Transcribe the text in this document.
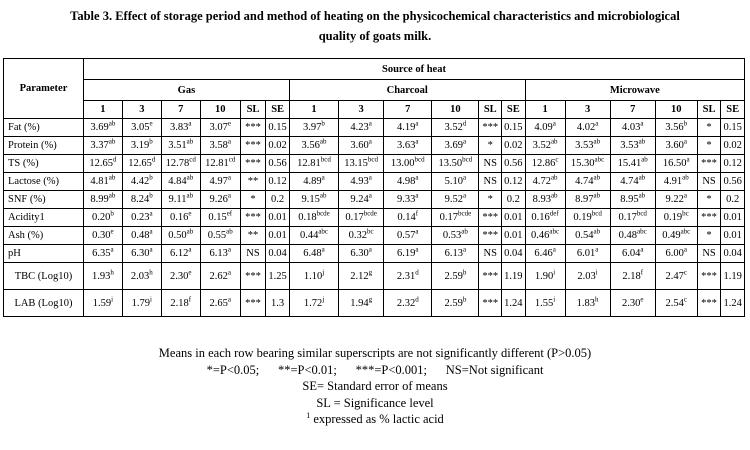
Table 3. Effect of storage period and method of heating on the physicochemical characteristics and microbiological
quality of goats milk.
Parameter	Source of heat																	
	Gas						Charcoal						Microwave					
	1	3	7	10	SL	SE	1	3	7	10	SL	SE	1	3	7	10	SL	SE
Fat (%)	3.69$^{ab}$	3.05e	3.83$^a$	3.07e	***	0.15	3.97$^b$	4.23$^a$	4.19$^a$	3.52$^d$	***	0.15	4.09$^a$	4.02$^a$	4.03$^a$	3.56$^b$	*	0.15
Protein (%)	3.37$^{ab}$	3.19$^b$	3.51$^{ab}$	3.58$^a$	***	0.02	3.56$^{ab}$	3.60$^a$	3.63$^a$	3.69$^a$	*	0.02	3.52$^{ab}$	3.53$^{ab}$	3.53$^{ab}$	3.60$^a$	*	0.02
TS (%)	12.65$^d$	12.65$^d$	12.78$^{cd}$	12.81$^{cd}$	***	0.56	12.81$^{bcd}$	13.15$^{bcd}$	13.00$^{bcd}$	13.50$^{bcd}$	NS	0.56	12.86$^c$	15.30$^{abc}$	15.41$^{ab}$	16.50$^a$	***	0.12
Lactose (%)	4.81$^{ab}$	4.42$^b$	4.84$^{ab}$	4.97$^a$	**	0.12	4.89$^a$	4.93$^a$	4.98$^a$	5.10$^a$	NS	0.12	4.72$^{ab}$	4.74$^{ab}$	4.74$^{ab}$	4.91$^{ab}$	NS	0.56
SNF (%)	8.99$^{ab}$	8.24$^b$	9.11$^{ab}$	9.26$^a$	*	0.2	9.15$^{ab}$	9.24$^a$	9.33$^a$	9.52$^a$	*	0.2	8.93$^{ab}$	8.97$^{ab}$	8.95$^{ab}$	9.22$^a$	*	0.2
Acidity1	0.20$^b$	0.23$^a$	0.16e	0.15$^{ef}$	***	0.01	$0.18^{bcde}$	$0.17^{bcde}$	0.14$^f$	$0.17^{bcde}$	***	0.01	0.16$^{def}$	0.19$^{bcd}$	0.17$^{bcd}$	0.19$^{bc}$	***	0.01
Ash (%)	0.30e	0.48$^a$	0.50$^{ab}$	0.55$^{ab}$	**	0.01	0.44$^{abc}$	0.32$^{bc}$	0.57$^a$	0.53$^{ab}$	***	0.01	0.46$^{abc}$	0.54$^{ab}$	0.48$^{abc}$	0.49$^{abc}$	*	0.01
pH	6.35$^a$	6.30$^a$	6.12$^a$	6.13$^a$	NS	0.04	6.48$^a$	6.30$^a$	6.19$^a$	6.13$^a$	NS	0.04	6.46$^a$	6.01$^a$	6.04$^a$	6.00$^a$	NS	0.04
TBC (Log10)	1.93$^h$	2.03$^h$	2.30e	2.62$^a$	***	1.25	1.10$^j$	2.12$^g$	2.31$^d$	2.59$^b$	***	1.19	1.90$^i$	2.03$^i$	2.18$^f$	2.47$^c$	***	1.19
LAB (Log10)	1.59$^i$	1.79$^i$	2.18$^f$	2.65$^a$	***	1.3	1.72$^j$	1.94$^g$	2.32$^d$	2.59$^b$	***	1.24	1.55$^i$	1.83$^h$	2.30e	2.54$^c$	***	1.24
Means in each row bearing similar superscripts are not significantly different (P>0.05)
*=P<0.05;      **=P<0.01;      ***=P<0.001;      NS=Not significant
SE= Standard error of means
SL = Significance level
$^1$ expressed as % lactic acid
